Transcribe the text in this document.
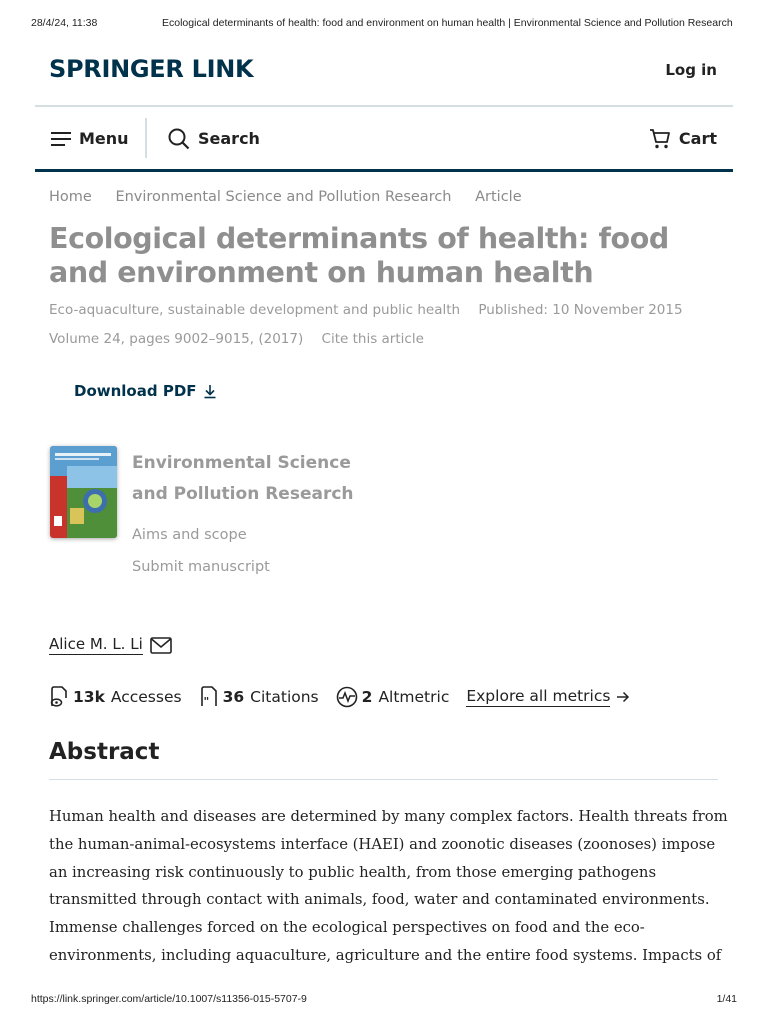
28/4/24, 11:38	Ecological determinants of health: food and environment on human health | Environmental Science and Pollution Research
SPRINGER LINK	Log in
Menu	Search	Cart
Home Environmental Science and Pollution Research Article
Ecological determinants of health: food and environment on human health
Eco-aquaculture, sustainable development and public health Published: 10 November 2015
Volume 24, pages 9002–9015, (2017) Cite this article
Download PDF
Environmental Science and Pollution Research
Aims and scope
Submit manuscript
Alice M. L. Li
13k Accesses " 36 Citations	2 Altmetric Explore all metrics
Abstract

Human health and diseases are determined by many complex factors. Health threats from the human-animal-ecosystems interface (HAEI) and zoonotic diseases (zoonoses) impose an increasing risk continuously to public health, from those emerging pathogens transmitted through contact with animals, food, water and contaminated environments. Immense challenges forced on the ecological perspectives on food and the eco-environments, including aquaculture, agriculture and the entire food systems. Impacts of

https://link.springer.com/article/10.1007/s11356-015-5707-9	1/41
